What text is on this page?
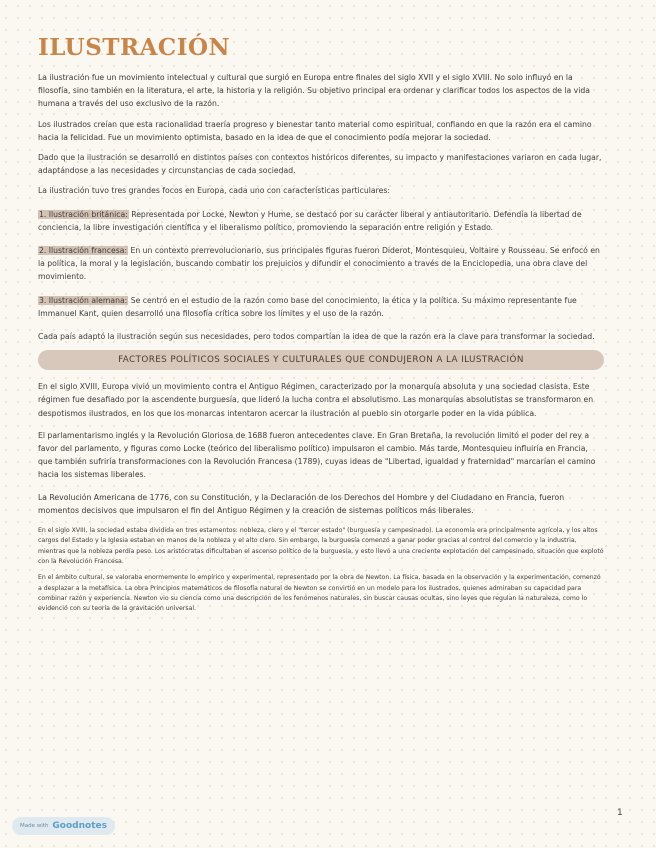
ILUSTRACIÓN

La ilustración fue un movimiento intelectual y cultural que surgió en Europa entre finales del siglo XVII y el siglo XVIII. No solo influyó en la filosofía, sino también en la literatura, el arte, la historia y la religión. Su objetivo principal era ordenar y clarificar todos los aspectos de la vida humana a través del uso exclusivo de la razón.

Los ilustrados creían que esta racionalidad traería progreso y bienestar tanto material como espiritual, confiando en que la razón era el camino hacia la felicidad. Fue un movimiento optimista, basado en la idea de que el conocimiento podía mejorar la sociedad.

Dado que la ilustración se desarrolló en distintos países con contextos históricos diferentes, su impacto y manifestaciones variaron en cada lugar, adaptándose a las necesidades y circunstancias de cada sociedad.

La ilustración tuvo tres grandes focos en Europa, cada uno con características particulares:

1. Ilustración británica: Representada por Locke, Newton y Hume, se destacó por su carácter liberal y antiautoritario. Defendía la libertad de conciencia, la libre investigación científica y el liberalismo político, promoviendo la separación entre religión y Estado.

2. Ilustración francesa: En un contexto prerrevolucionario, sus principales figuras fueron Diderot, Montesquieu, Voltaire y Rousseau. Se enfocó en la política, la moral y la legislación, buscando combatir los prejuicios y difundir el conocimiento a través de la Enciclopedia, una obra clave del movimiento.

3. Ilustración alemana: Se centró en el estudio de la razón como base del conocimiento, la ética y la política. Su máximo representante fue Immanuel Kant, quien desarrolló una filosofía crítica sobre los límites y el uso de la razón.

Cada país adaptó la ilustración según sus necesidades, pero todos compartían la idea de que la razón era la clave para transformar la sociedad.

FACTORES POLÍTICOS SOCIALES Y CULTURALES QUE CONDUJERON A LA ILUSTRACIÓN

En el siglo XVIII, Europa vivió un movimiento contra el Antiguo Régimen, caracterizado por la monarquía absoluta y una sociedad clasista. Este régimen fue desafiado por la ascendente burguesía, que lideró la lucha contra el absolutismo. Las monarquías absolutistas se transformaron en despotismos ilustrados, en los que los monarcas intentaron acercar la ilustración al pueblo sin otorgarle poder en la vida pública.

El parlamentarismo inglés y la Revolución Gloriosa de 1688 fueron antecedentes clave. En Gran Bretaña, la revolución limitó el poder del rey a favor del parlamento, y figuras como Locke (teórico del liberalismo político) impulsaron el cambio. Más tarde, Montesquieu influiría en Francia, que también sufriría transformaciones con la Revolución Francesa (1789), cuyas ideas de "Libertad, igualdad y fraternidad" marcarían el camino hacia los sistemas liberales.

La Revolución Americana de 1776, con su Constitución, y la Declaración de los Derechos del Hombre y del Ciudadano en Francia, fueron momentos decisivos que impulsaron el fin del Antiguo Régimen y la creación de sistemas políticos más liberales.

En el siglo XVIII, la sociedad estaba dividida en tres estamentos: nobleza, clero y el "tercer estado" (burguesía y campesinado). La economía era principalmente agrícola, y los altos cargos del Estado y la Iglesia estaban en manos de la nobleza y el alto clero. Sin embargo, la burguesía comenzó a ganar poder gracias al control del comercio y la industria, mientras que la nobleza perdía peso. Los aristócratas dificultaban el ascenso político de la burguesía, y esto llevó a una creciente explotación del campesinado, situación que explotó con la Revolución Francesa.

En el ámbito cultural, se valoraba enormemente lo empírico y experimental, representado por la obra de Newton. La física, basada en la observación y la experimentación, comenzó a desplazar a la metafísica. La obra Principios matemáticos de filosofía natural de Newton se convirtió en un modelo para los ilustrados, quienes admiraban su capacidad para combinar razón y experiencia. Newton vio su ciencia como una descripción de los fenómenos naturales, sin buscar causas ocultas, sino leyes que regulan la naturaleza, como lo evidenció con su teoría de la gravitación universal.

1
Made with Goodnotes
